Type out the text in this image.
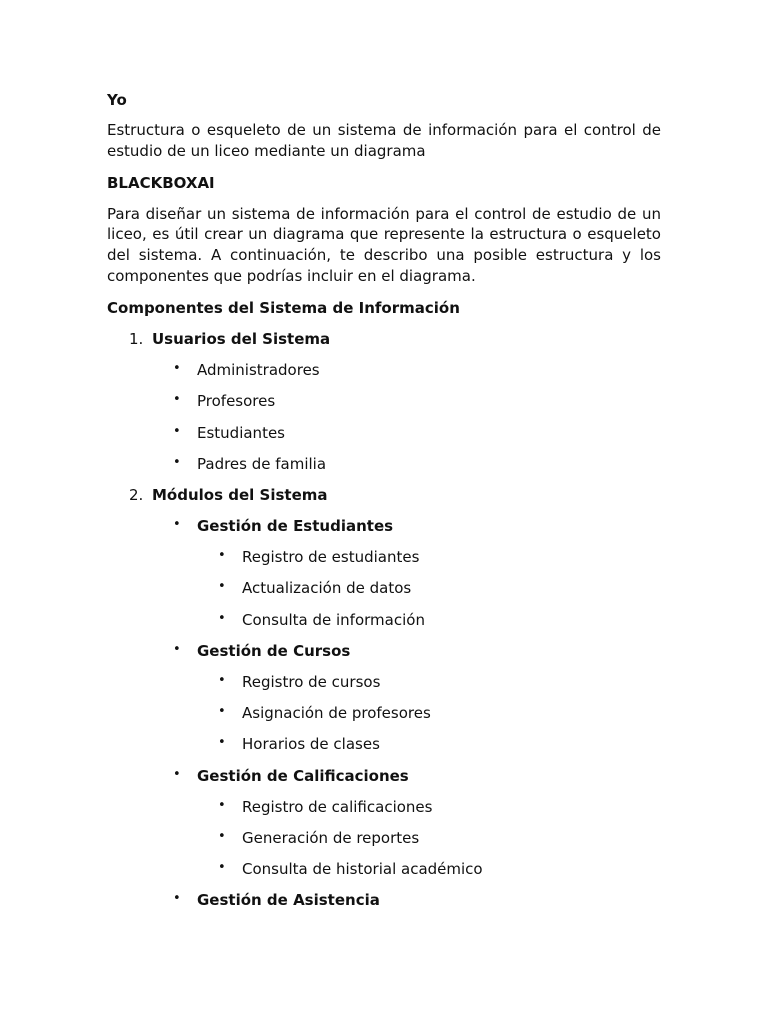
Yo

Estructura o esqueleto de un sistema de información para el control de estudio de un liceo mediante un diagrama

BLACKBOXAI

Para diseñar un sistema de información para el control de estudio de un liceo, es útil crear un diagrama que represente la estructura o esqueleto del sistema. A continuación, te describo una posible estructura y los componentes que podrías incluir en el diagrama.

Componentes del Sistema de Información
1. Usuarios del Sistema
• Administradores
• Profesores
• Estudiantes
• Padres de familia
2. Módulos del Sistema
• Gestión de Estudiantes
• Registro de estudiantes
• Actualización de datos
• Consulta de información
• Gestión de Cursos
• Registro de cursos
• Asignación de profesores
• Horarios de clases
• Gestión de Calificaciones
• Registro de calificaciones
• Generación de reportes
• Consulta de historial académico
• Gestión de Asistencia
